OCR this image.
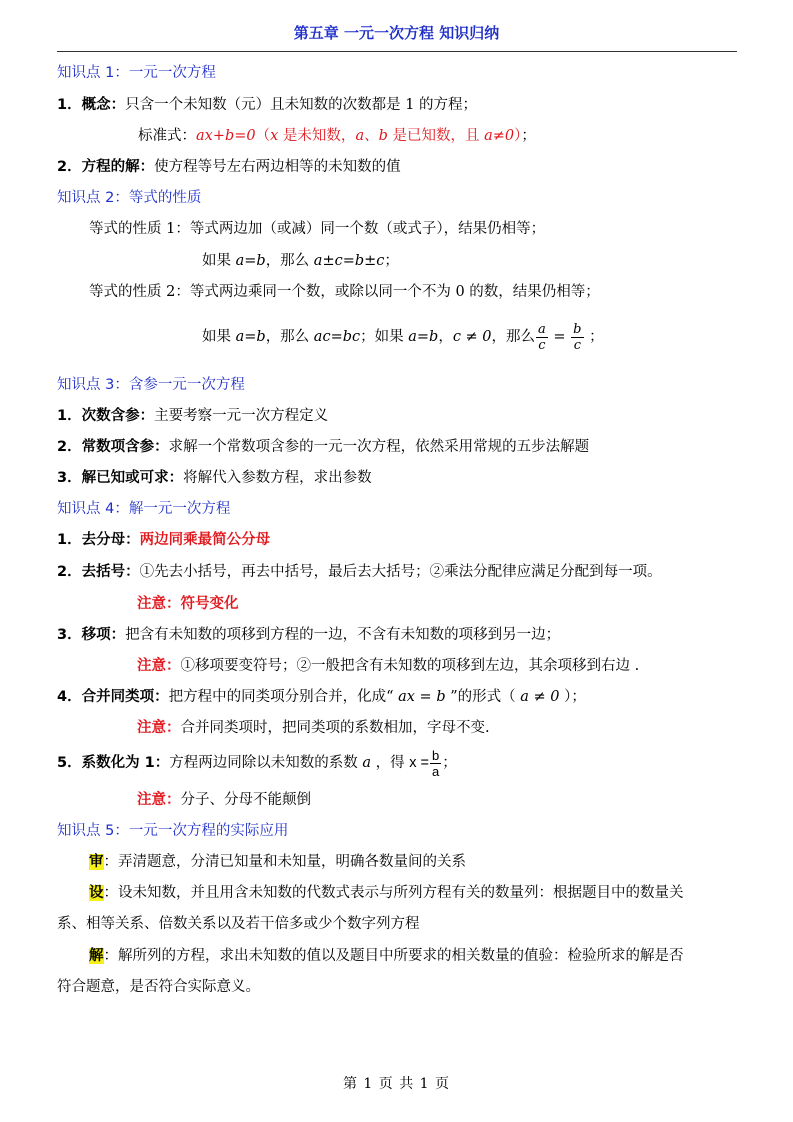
第五章 一元一次方程 知识归纳
知识点 1：一元一次方程
1．概念：只含一个未知数（元）且未知数的次数都是 1 的方程；
标准式：ax+b=0（x 是未知数，a、b 是已知数，且 a≠0）；
2．方程的解：使方程等号左右两边相等的未知数的值
知识点 2：等式的性质
等式的性质 1：等式两边加（或减）同一个数（或式子），结果仍相等；
如果 a=b，那么 a±c=b±c；
等式的性质 2：等式两边乘同一个数，或除以同一个不为 0 的数，结果仍相等；
如果 a=b，那么 ac=bc；如果 a=b，c ≠ 0，那么 $\frac{a}{c} = \frac{b}{c}$ ；
知识点 3：含参一元一次方程
1．次数含参：主要考察一元一次方程定义
2．常数项含参：求解一个常数项含参的一元一次方程，依然采用常规的五步法解题
3．解已知或可求：将解代入参数方程，求出参数
知识点 4：解一元一次方程
1．去分母：两边同乘最简公分母
2．去括号：①先去小括号，再去中括号，最后去大括号；②乘法分配律应满足分配到每一项。
注意：符号变化
3．移项：把含有未知数的项移到方程的一边，不含有未知数的项移到另一边；
注意：①移项要变符号；②一般把含有未知数的项移到左边，其余项移到右边 .
4．合并同类项：把方程中的同类项分别合并，化成“ ax = b ”的形式（ a ≠ 0 ）；
注意：合并同类项时，把同类项的系数相加，字母不变.
5．系数化为 1：方程两边同除以未知数的系数 a ，得 $x = \frac{b}{a}$ ；
注意：分子、分母不能颠倒
知识点 5：一元一次方程的实际应用
审：弄清题意，分清已知量和未知量，明确各数量间的关系
设：设未知数，并且用含未知数的代数式表示与所列方程有关的数量列：根据题目中的数量关
系、相等关系、倍数关系以及若干倍多或少个数字列方程
解：解所列的方程，求出未知数的值以及题目中所要求的相关数量的值验：检验所求的解是否
符合题意，是否符合实际意义。
第 1 页 共 1 页
